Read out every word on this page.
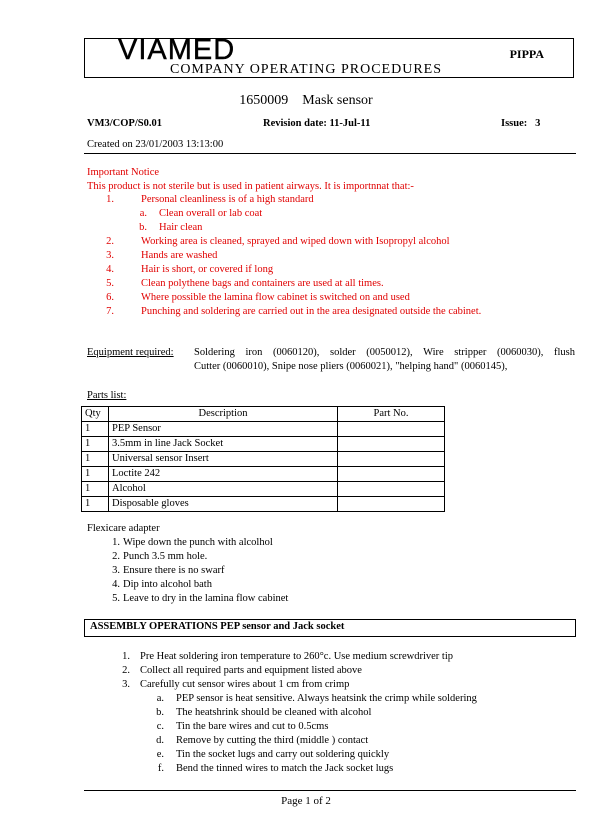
VIAMED	PIPPA
COMPANY OPERATING PROCEDURES
1650009    Mask sensor
VM3/COP/S0.01	Revision date: 11-Jul-11	Issue:   3
Created on 23/01/2003 13:13:00
Important Notice
This product is not sterile but is used in patient airways. It is importnnat that:-
1.	Personal cleanliness is of a high standard
a. Clean overall or lab coat
b. Hair clean
2.	Working area is cleaned, sprayed and wiped down with Isopropyl alcohol
3.	Hands are washed
4.	Hair is short, or covered if long
5.	Clean polythene bags and containers are used at all times.
6.	Where possible the lamina flow cabinet is switched on and used
7.	Punching and soldering are carried out in the area designated outside the cabinet.
Equipment required: Soldering iron (0060120), solder (0050012), Wire stripper (0060030), flush
Cutter (0060010), Snipe nose pliers (0060021), "helping hand" (0060145),
Parts list:
Qty	Description	Part No.
1	PEP Sensor	
1	3.5mm in line Jack Socket	
1	Universal sensor Insert	
1	Loctite 242	
1	Alcohol	
1	Disposable gloves	
Flexicare adapter
1. Wipe down the punch with alcolhol
2. Punch 3.5 mm hole.
3. Ensure there is no swarf
4. Dip into alcohol bath
5. Leave to dry in the lamina flow cabinet
ASSEMBLY OPERATIONS PEP sensor and Jack socket
1. Pre Heat soldering iron temperature to 260°c. Use medium screwdriver tip
2. Collect all required parts and equipment listed above
3. Carefully cut sensor wires about 1 cm from crimp
a. PEP sensor is heat sensitive. Always heatsink the crimp while soldering
b. The heatshrink should be cleaned with alcohol
c. Tin the bare wires and cut to 0.5cms
d. Remove by cutting the third (middle ) contact
e. Tin the socket lugs and carry out soldering quickly
f. Bend the tinned wires to match the Jack socket lugs
Page 1 of 2
